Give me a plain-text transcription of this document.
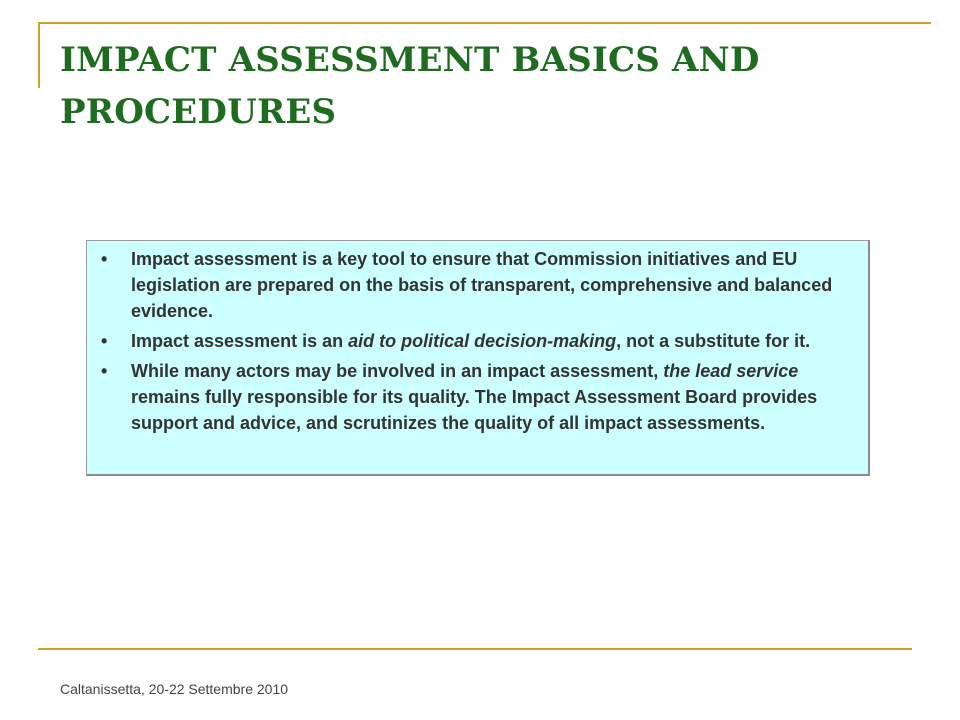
IMPACT ASSESSMENT BASICS AND PROCEDURES
• Impact assessment is a key tool to ensure that Commission initiatives and EU legislation are prepared on the basis of transparent, comprehensive and balanced evidence.
• Impact assessment is an aid to political decision-making, not a substitute for it.
• While many actors may be involved in an impact assessment, the lead service remains fully responsible for its quality. The Impact Assessment Board provides support and advice, and scrutinizes the quality of all impact assessments.
Caltanissetta, 20-22 Settembre 2010
